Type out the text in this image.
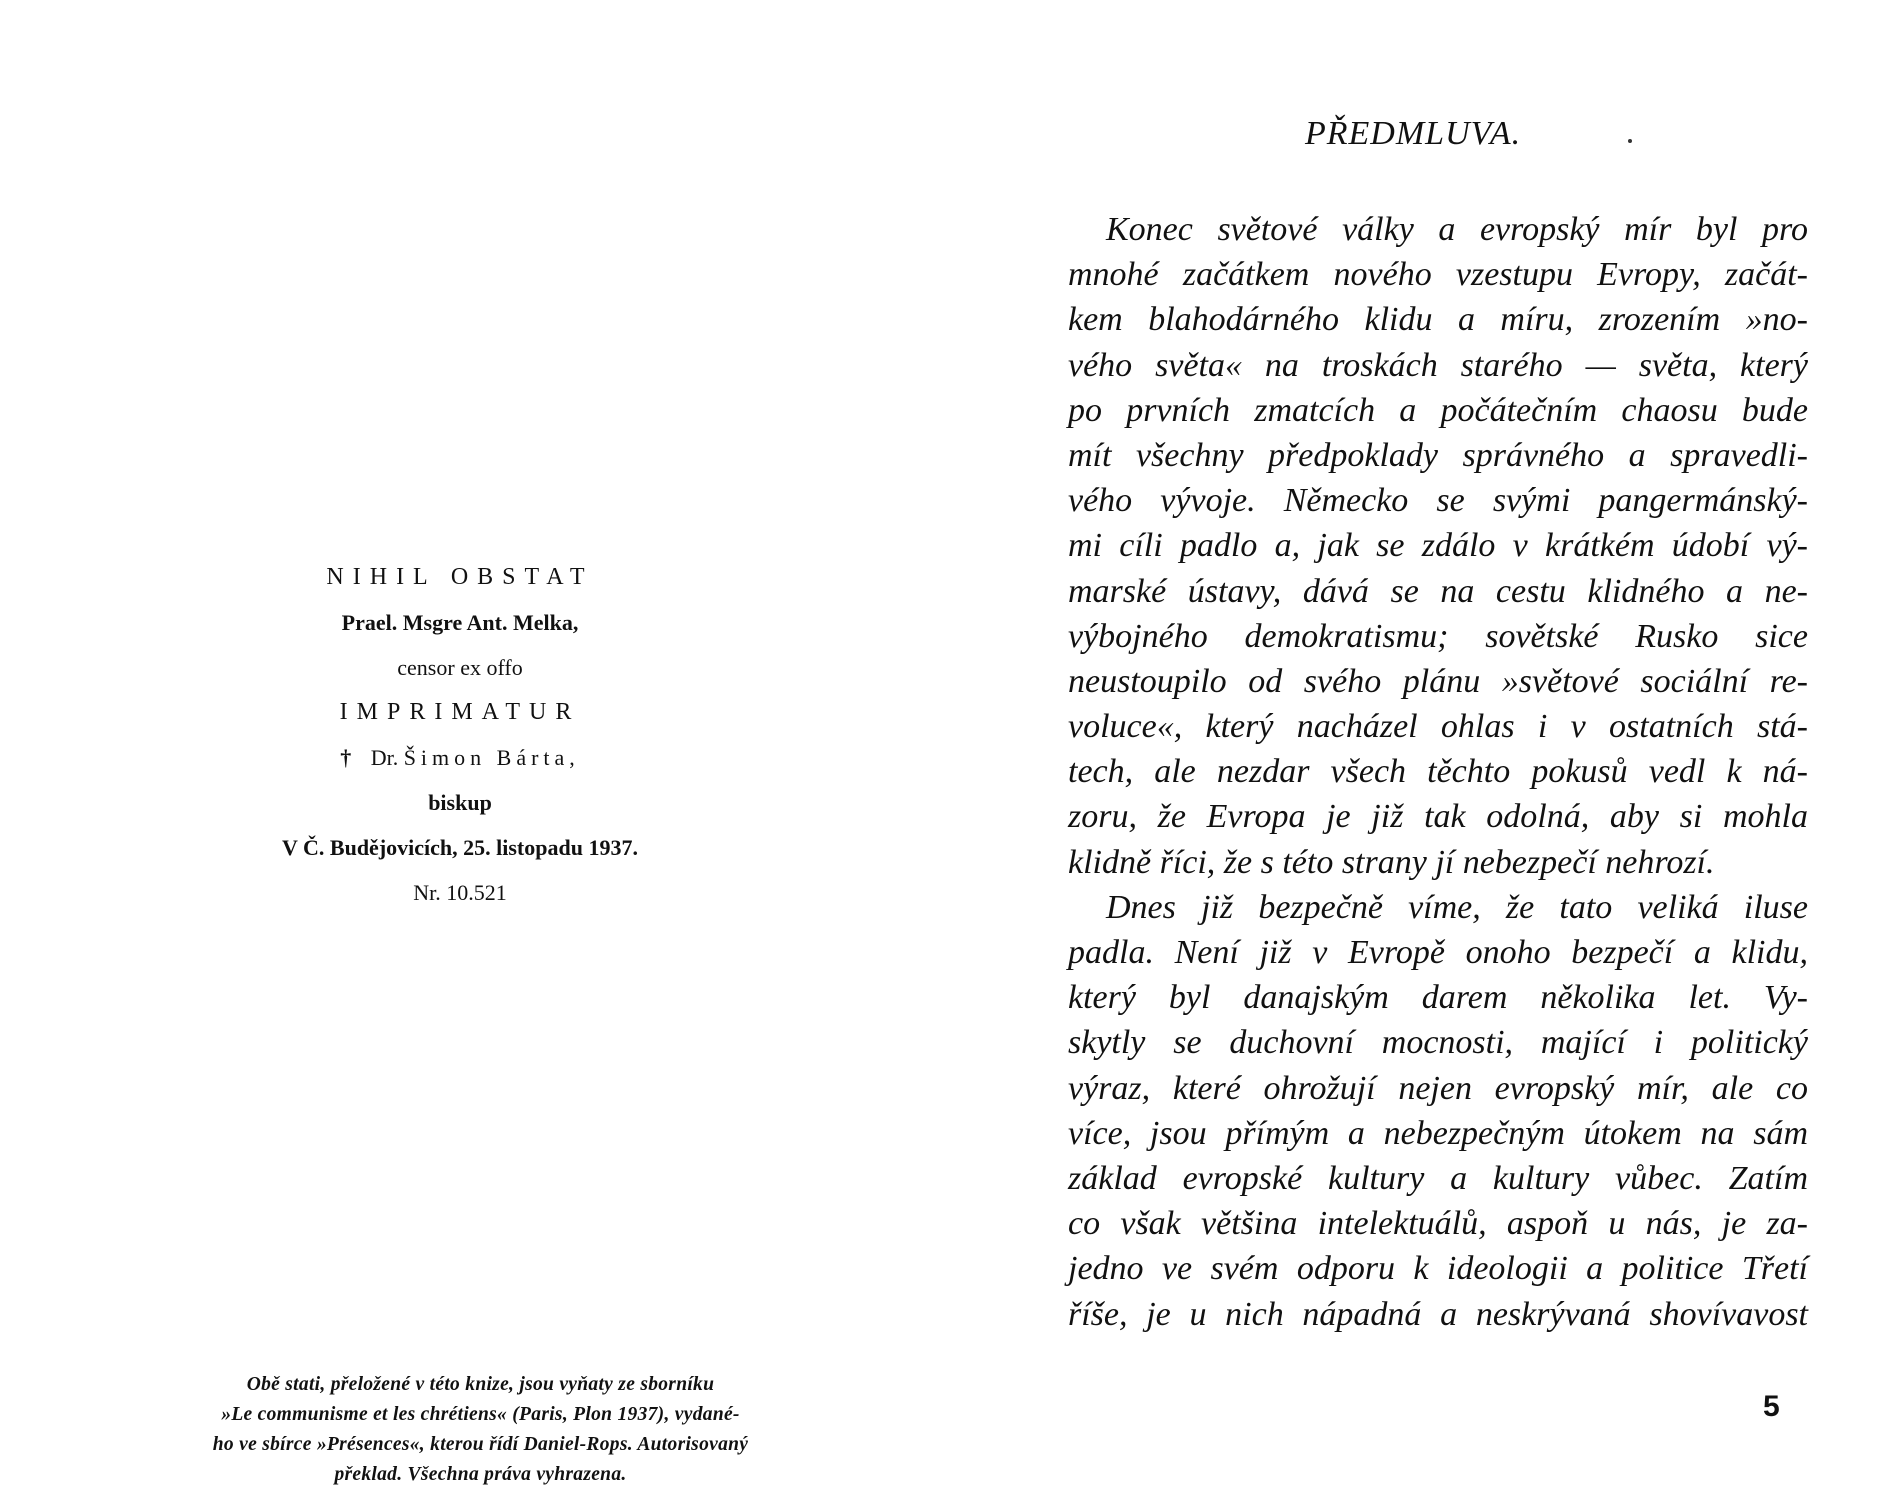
NIHIL OBSTAT
Prael. Msgre Ant. Melka,
censor ex offo
IMPRIMATUR
† Dr. Šimon Bárta,
biskup
V Č. Budějovicích, 25. listopadu 1937.
Nr. 10.521
Obě stati, přeložené v této knize, jsou vyňaty ze sborníku
»Le communisme et les chrétiens« (Paris, Plon 1937), vydané-
ho ve sbírce »Présences«, kterou řídí Daniel-Rops. Autorisovaný
překlad. Všechna práva vyhrazena.
PŘEDMLUVA.
Konec světové války a evropský mír byl pro
mnohé začátkem nového vzestupu Evropy, začát-
kem blahodárného klidu a míru, zrozením »no-
vého světa« na troskách starého — světa, který
po prvních zmatcích a počátečním chaosu bude
mít všechny předpoklady správného a spravedli-
vého vývoje. Německo se svými pangermánský-
mi cíli padlo a, jak se zdálo v krátkém údobí vý-
marské ústavy, dává se na cestu klidného a ne-
výbojného demokratismu; sovětské Rusko sice
neustoupilo od svého plánu »světové sociální re-
voluce«, který nacházel ohlas i v ostatních stá-
tech, ale nezdar všech těchto pokusů vedl k ná-
zoru, že Evropa je již tak odolná, aby si mohla
klidně říci, že s této strany jí nebezpečí nehrozí.
Dnes již bezpečně víme, že tato veliká iluse
padla. Není již v Evropě onoho bezpečí a klidu,
který byl danajským darem několika let. Vy-
skytly se duchovní mocnosti, mající i politický
výraz, které ohrožují nejen evropský mír, ale co
více, jsou přímým a nebezpečným útokem na sám
základ evropské kultury a kultury vůbec. Zatím
co však většina intelektuálů, aspoň u nás, je za-
jedno ve svém odporu k ideologii a politice Třetí
říše, je u nich nápadná a neskrývaná shovívavost
5
